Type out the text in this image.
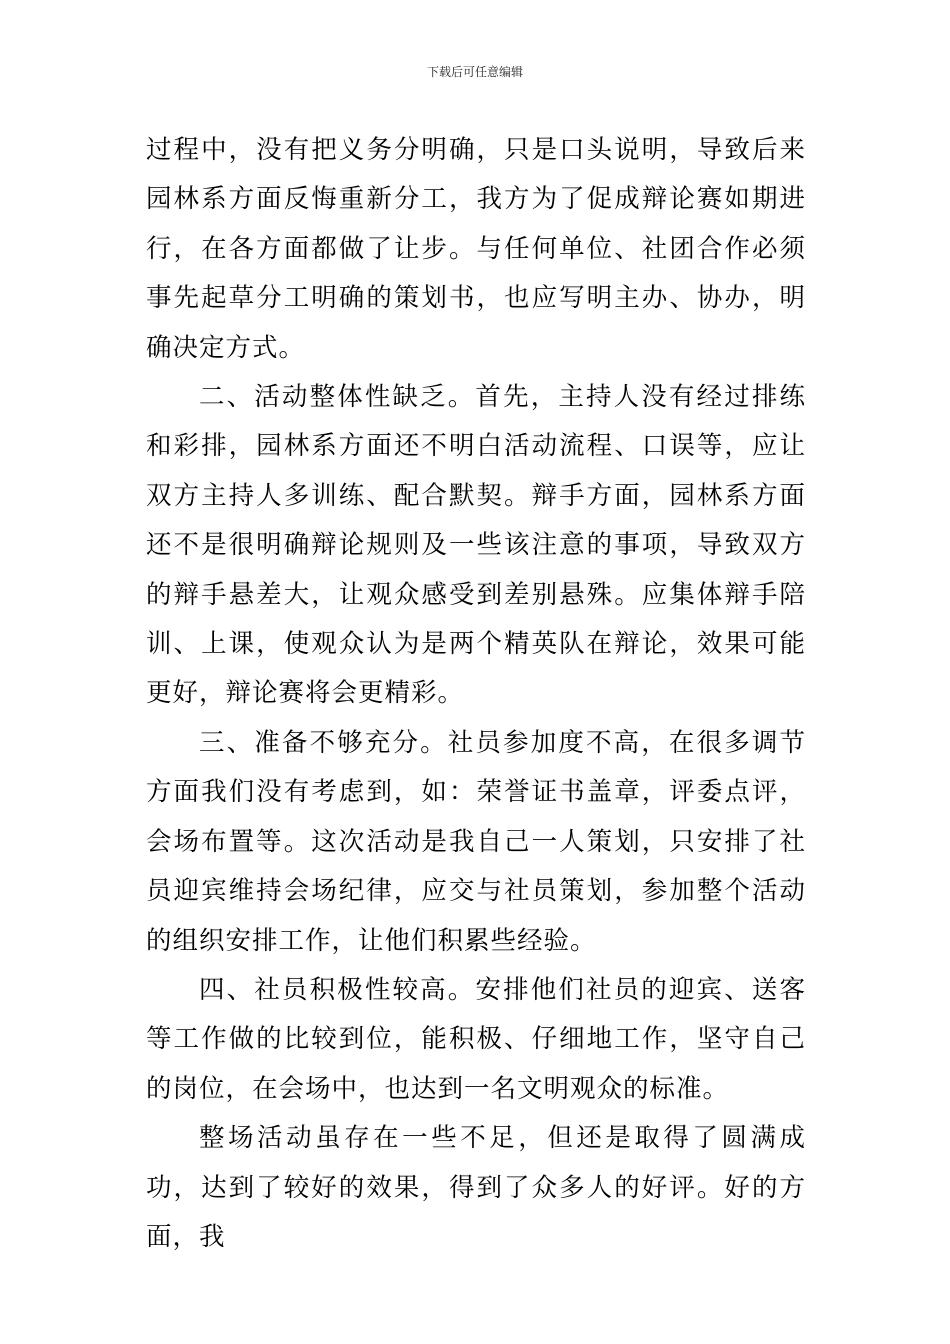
下载后可任意编辑

过程中，没有把义务分明确，只是口头说明，导致后来园林系方面反悔重新分工，我方为了促成辩论赛如期进行，在各方面都做了让步。与任何单位、社团合作必须事先起草分工明确的策划书，也应写明主办、协办，明确决定方式。

二、活动整体性缺乏。首先，主持人没有经过排练和彩排，园林系方面还不明白活动流程、口误等，应让双方主持人多训练、配合默契。辩手方面，园林系方面还不是很明确辩论规则及一些该注意的事项，导致双方的辩手悬差大，让观众感受到差别悬殊。应集体辩手陪训、上课，使观众认为是两个精英队在辩论，效果可能更好，辩论赛将会更精彩。

三、准备不够充分。社员参加度不高，在很多调节方面我们没有考虑到，如：荣誉证书盖章，评委点评，会场布置等。这次活动是我自己一人策划，只安排了社员迎宾维持会场纪律，应交与社员策划，参加整个活动的组织安排工作，让他们积累些经验。

四、社员积极性较高。安排他们社员的迎宾、送客等工作做的比较到位，能积极、仔细地工作，坚守自己的岗位，在会场中，也达到一名文明观众的标准。

整场活动虽存在一些不足，但还是取得了圆满成功，达到了较好的效果，得到了众多人的好评。好的方面，我
